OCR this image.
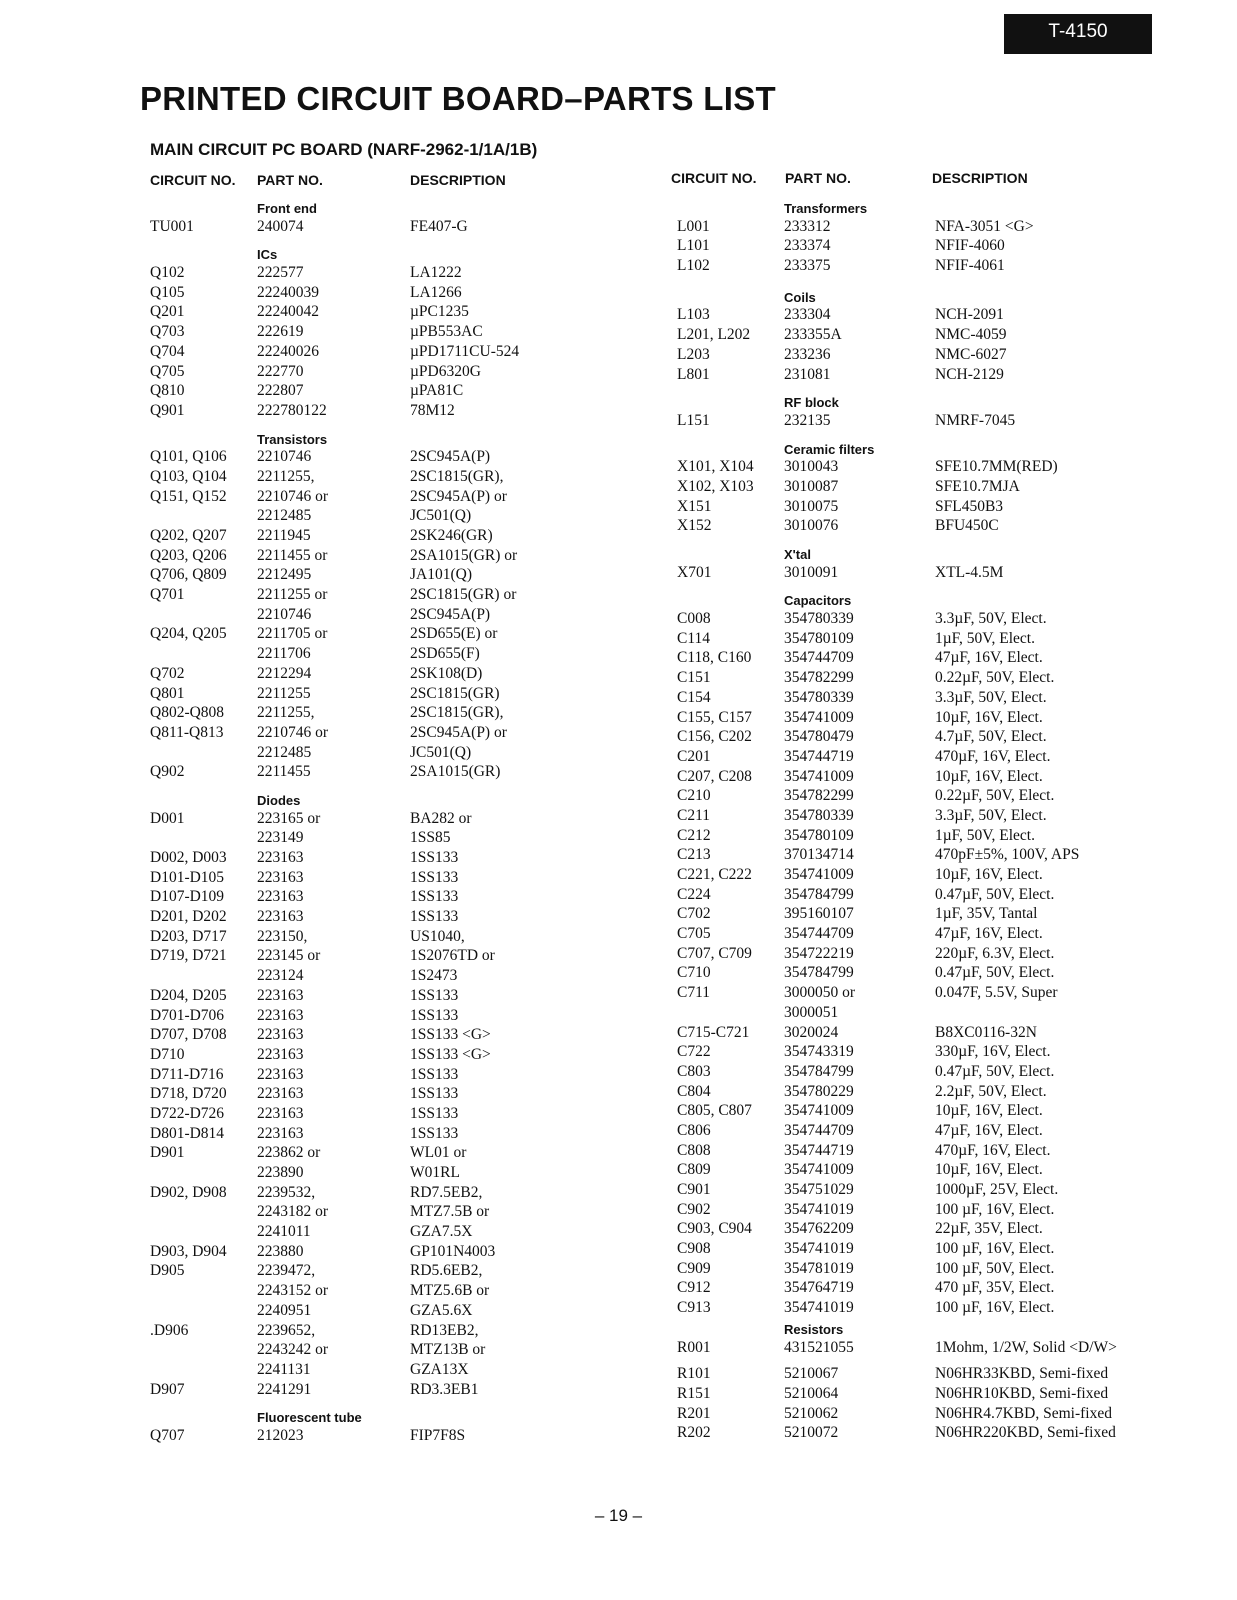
T-4150
PRINTED CIRCUIT BOARD–PARTS LIST
MAIN CIRCUIT PC BOARD (NARF-2962-1/1A/1B)
CIRCUIT NO. PART NO.	DESCRIPTION	CIRCUIT NO. PART NO.	DESCRIPTION
Front end
TU001	240074	FE407-G
ICs
Q102	222577	LA1222
Q105	22240039	LA1266
Q201	22240042	µPC1235
Q703	222619	µPB553AC
Q704	22240026	µPD1711CU-524
Q705	222770	µPD6320G
Q810	222807	µPA81C
Q901	222780122	78M12
Transistors
Q101, Q106 2210746	2SC945A(P)
Q103, Q104 2211255,	2SC1815(GR),
Q151, Q152 2210746 or	2SC945A(P) or
2212485	JC501(Q)
Q202, Q207 2211945	2SK246(GR)
Q203, Q206 2211455 or	2SA1015(GR) or
Q706, Q809 2212495	JA101(Q)
Q701	2211255 or	2SC1815(GR) or
2210746	2SC945A(P)
Q204, Q205 2211705 or	2SD655(E) or
2211706	2SD655(F)
Q702	2212294	2SK108(D)
Q801	2211255	2SC1815(GR)
Q802-Q808 2211255,	2SC1815(GR),
Q811-Q813 2210746 or	2SC945A(P) or
2212485	JC501(Q)
Q902	2211455	2SA1015(GR)
Diodes
D001	223165 or	BA282 or
223149	1SS85
D002, D003 223163	1SS133
D101-D105 223163	1SS133
D107-D109 223163	1SS133
D201, D202 223163	1SS133
D203, D717 223150,	US1040,
D719, D721 223145 or	1S2076TD or
223124	1S2473
D204, D205 223163	1SS133
D701-D706 223163	1SS133
D707, D708 223163	1SS133 <G>
D710	223163	1SS133 <G>
D711-D716 223163	1SS133
D718, D720 223163	1SS133
D722-D726 223163	1SS133
D801-D814 223163	1SS133
D901	223862 or	WL01 or
223890	W01RL
D902, D908 2239532,	RD7.5EB2,
2243182 or	MTZ7.5B or
2241011	GZA7.5X
D903, D904 223880	GP101N4003
D905	2239472,	RD5.6EB2,
2243152 or	MTZ5.6B or
2240951	GZA5.6X
.D906	2239652,	RD13EB2,
2243242 or	MTZ13B or
2241131	GZA13X
D907	2241291	RD3.3EB1
Fluorescent tube
Q707	212023	FIP7F8S
Transformers
L001	233312	NFA-3051 <G>
L101	233374	NFIF-4060
L102	233375	NFIF-4061
Coils
L103	233304	NCH-2091
L201, L202 233355A	NMC-4059
L203	233236	NMC-6027
L801	231081	NCH-2129
RF block
L151	232135	NMRF-7045
Ceramic filters
X101, X104 3010043	SFE10.7MM(RED)
X102, X103 3010087	SFE10.7MJA
X151	3010075	SFL450B3
X152	3010076	BFU450C
X'tal
X701	3010091	XTL-4.5M
Capacitors
C008	354780339	3.3µF, 50V, Elect.
C114	354780109	1µF, 50V, Elect.
C118, C160 354744709	47µF, 16V, Elect.
C151	354782299	0.22µF, 50V, Elect.
C154	354780339	3.3µF, 50V, Elect.
C155, C157 354741009	10µF, 16V, Elect.
C156, C202 354780479	4.7µF, 50V, Elect.
C201	354744719	470µF, 16V, Elect.
C207, C208 354741009	10µF, 16V, Elect.
C210	354782299	0.22µF, 50V, Elect.
C211	354780339	3.3µF, 50V, Elect.
C212	354780109	1µF, 50V, Elect.
C213	370134714	470pF±5%, 100V, APS
C221, C222 354741009	10µF, 16V, Elect.
C224	354784799	0.47µF, 50V, Elect.
C702	395160107	1µF, 35V, Tantal
C705	354744709	47µF, 16V, Elect.
C707, C709 354722219	220µF, 6.3V, Elect.
C710	354784799	0.47µF, 50V, Elect.
C711	3000050 or	0.047F, 5.5V, Super
3000051
C715-C721 3020024	B8XC0116-32N
C722	354743319	330µF, 16V, Elect.
C803	354784799	0.47µF, 50V, Elect.
C804	354780229	2.2µF, 50V, Elect.
C805, C807 354741009	10µF, 16V, Elect.
C806	354744709	47µF, 16V, Elect.
C808	354744719	470µF, 16V, Elect.
C809	354741009	10µF, 16V, Elect.
C901	354751029	1000µF, 25V, Elect.
C902	354741019	100 µF, 16V, Elect.
C903, C904 354762209	22µF, 35V, Elect.
C908	354741019	100 µF, 16V, Elect.
C909	354781019	100 µF, 50V, Elect.
C912	354764719	470 µF, 35V, Elect.
C913	354741019	100 µF, 16V, Elect.
Resistors
R001	431521055	1Mohm, 1/2W, Solid <D/W>
R101	5210067	N06HR33KBD, Semi-fixed
R151	5210064	N06HR10KBD, Semi-fixed
R201	5210062	N06HR4.7KBD, Semi-fixed
R202	5210072	N06HR220KBD, Semi-fixed
– 19 –
